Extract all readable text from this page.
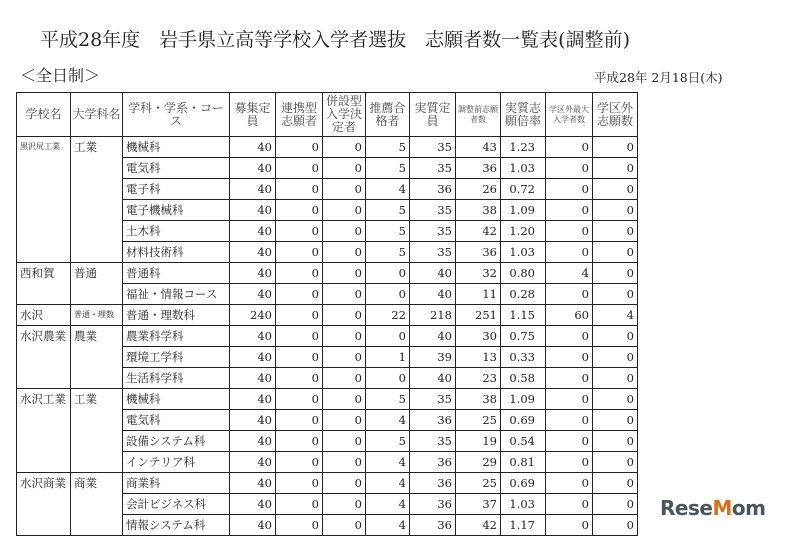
平成28年度　岩手県立高等学校入学者選抜　志願者数一覧表(調整前)
＜全日制＞	平成28年 2月18日(木)
学校名	大学科名	学科・学系・コース	募集定員	連携型志願者	併設型入学決定者	推薦合格者	実質定員	調整前志願者数	実質志願倍率	学区外最大入学者数	学区外志願数
黒沢尻工業	工業	機械科	40	0	0	5	35	43	1.23	0	0
		電気科	40	0	0	5	35	36	1.03	0	0
		電子科	40	0	0	4	36	26	0.72	0	0
		電子機械科	40	0	0	5	35	38	1.09	0	0
		土木科	40	0	0	5	35	42	1.20	0	0
		材料技術科	40	0	0	5	35	36	1.03	0	0
西和賀	普通	普通科	40	0	0	0	40	32	0.80	4	0
		福祉・情報コース	40	0	0	0	40	11	0.28	0	0
水沢	普通・理数	普通・理数科	240	0	0	22	218	251	1.15	60	4
水沢農業	農業	農業科学科	40	0	0	0	40	30	0.75	0	0
		環境工学科	40	0	0	1	39	13	0.33	0	0
		生活科学科	40	0	0	0	40	23	0.58	0	0
水沢工業	工業	機械科	40	0	0	5	35	38	1.09	0	0
		電気科	40	0	0	4	36	25	0.69	0	0
		設備システム科	40	0	0	5	35	19	0.54	0	0
		インテリア科	40	0	0	4	36	29	0.81	0	0
水沢商業	商業	商業科	40	0	0	4	36	25	0.69	0	0
		会計ビジネス科	40	0	0	4	36	37	1.03	0	0
		情報システム科	40	0	0	4	36	42	1.17	0	0
ReseMom
